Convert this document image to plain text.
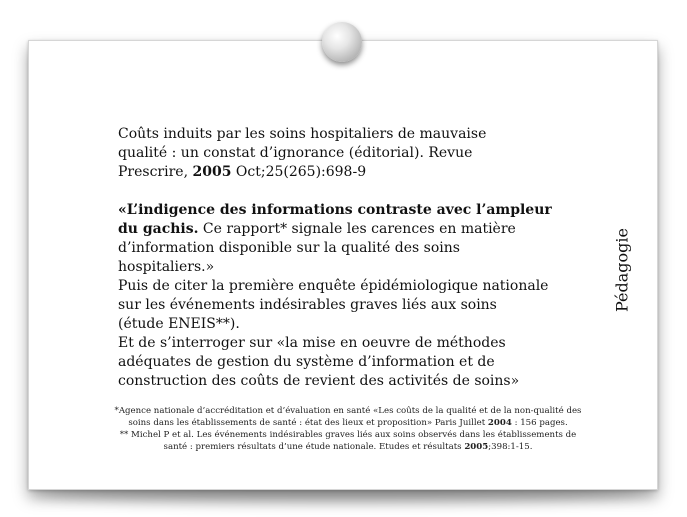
Coûts induits par les soins hospitaliers de mauvaise
qualité : un constat d’ignorance (éditorial). Revue
Prescrire, 2005 Oct;25(265):698-9

«L’indigence des informations contraste avec l’ampleur
du gachis. Ce rapport* signale les carences en matière
d’information disponible sur la qualité des soins
hospitaliers.»
Puis de citer la première enquête épidémiologique nationale
sur les événements indésirables graves liés aux soins
(étude ENEIS**).
Et de s’interroger sur «la mise en oeuvre de méthodes
adéquates de gestion du système d’information et de
construction des coûts de revient des activités de soins»

*Agence nationale d’accréditation et d’évaluation en santé «Les coûts de la qualité et de la non-qualité des
soins dans les établissements de santé : état des lieux et proposition» Paris Juillet 2004 : 156 pages.

** Michel P et al. Les événements indésirables graves liés aux soins observés dans les établissements de
santé : premiers résultats d’une étude nationale. Etudes et résultats 2005;398:1-15.

Pédagogie
